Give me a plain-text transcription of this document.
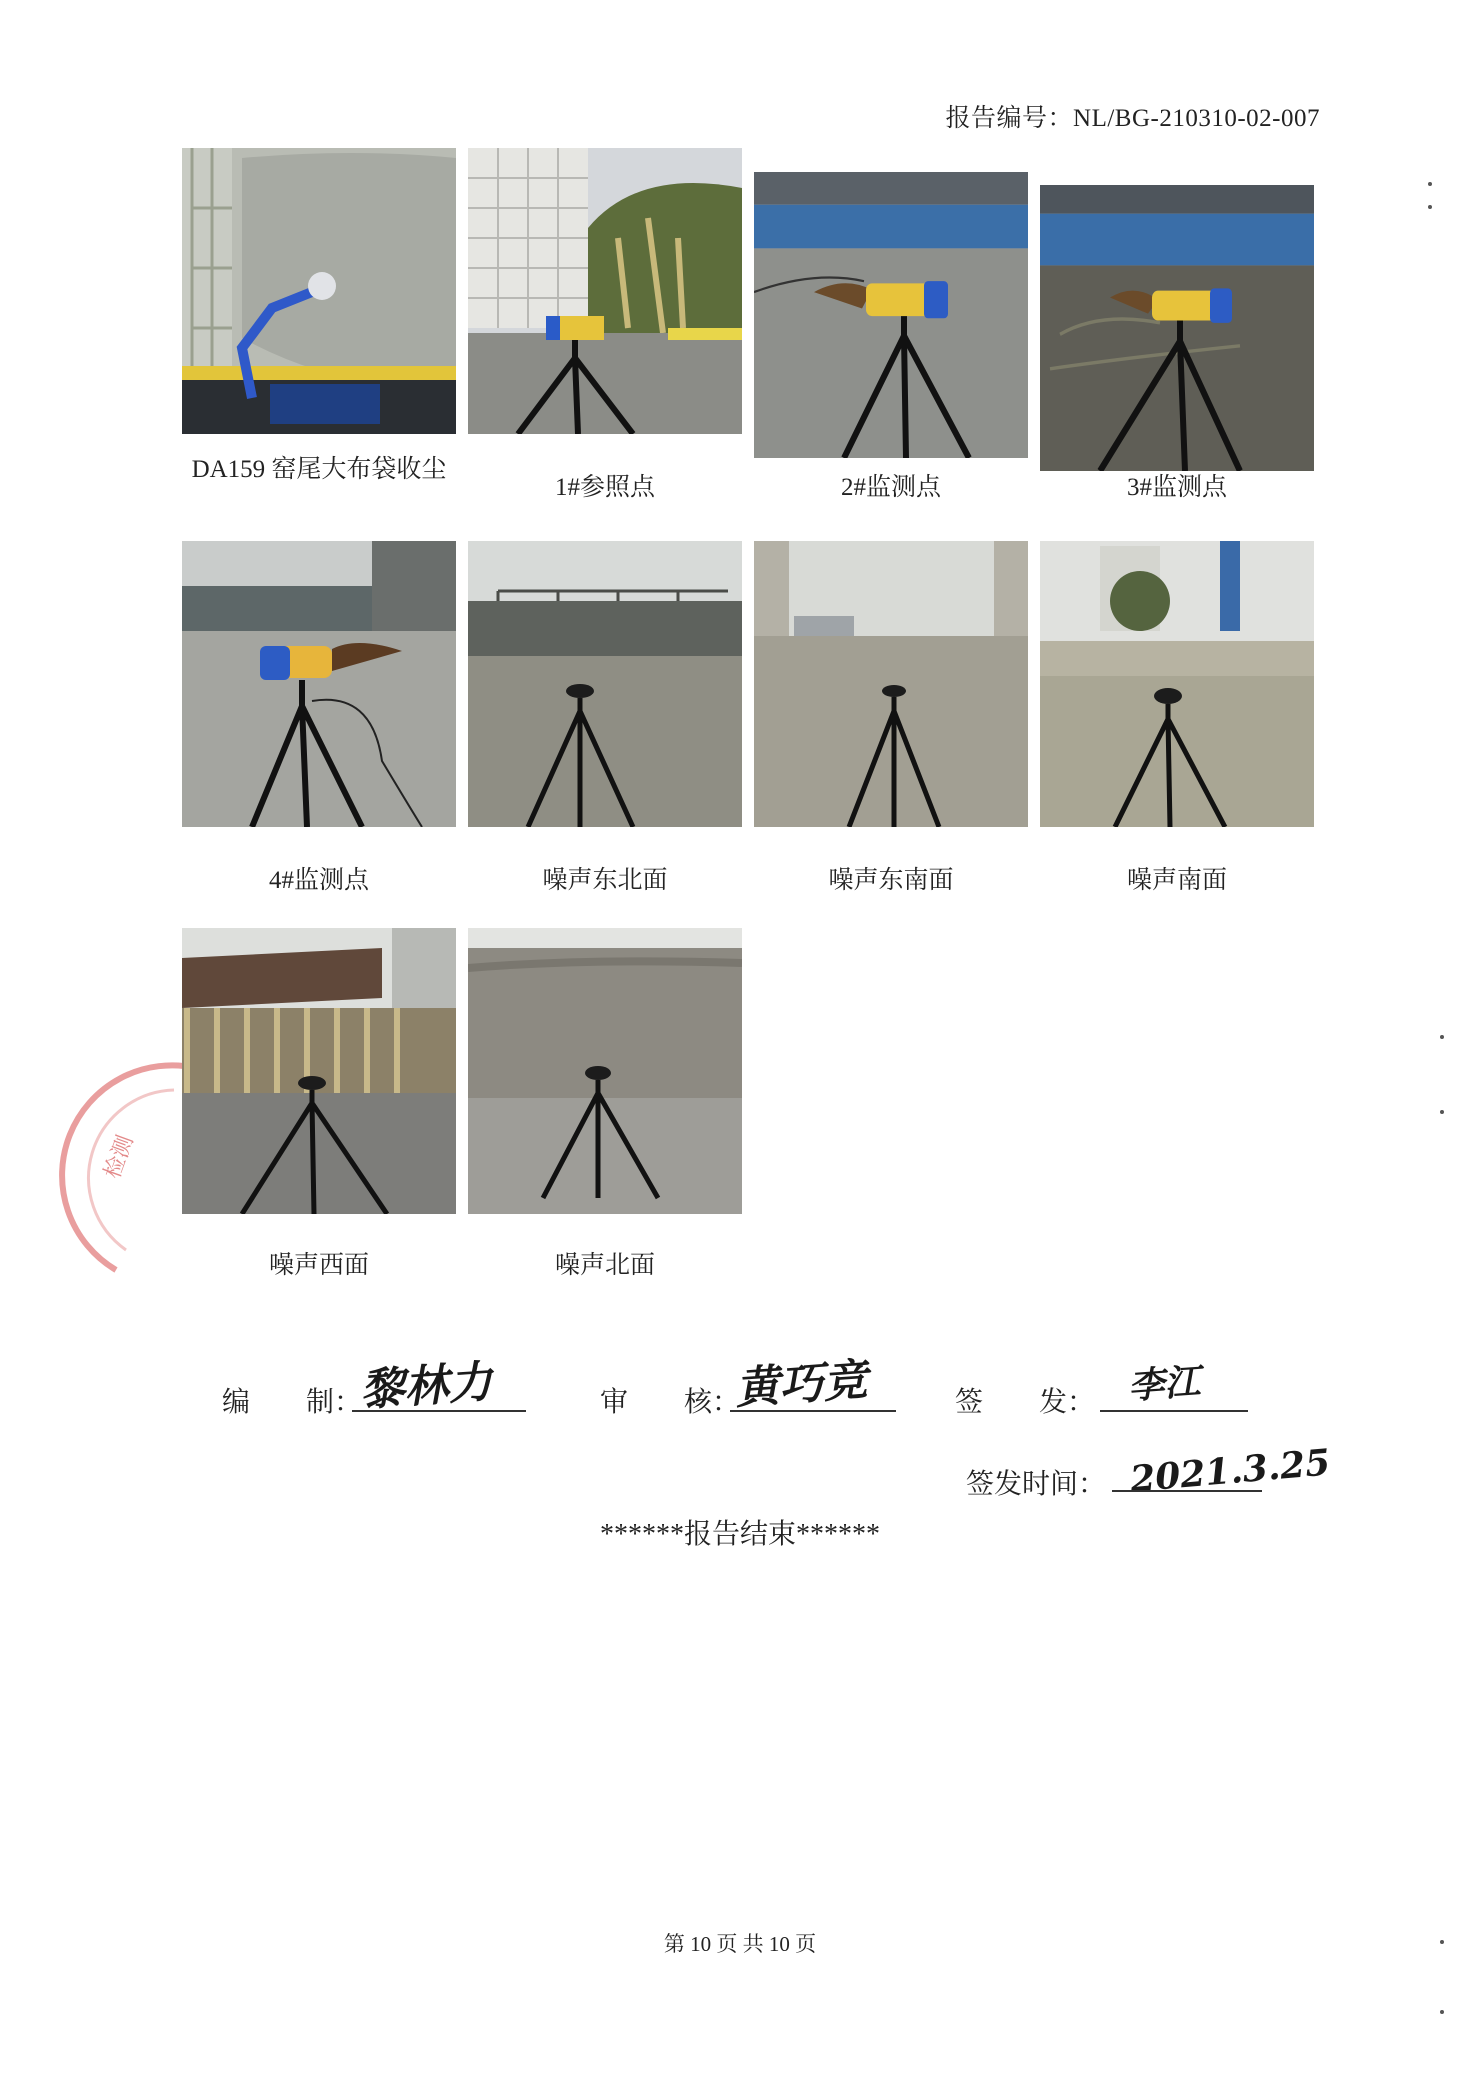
报告编号：NL/BG-210310-02-007
检测
DA159 窑尾大布袋收尘
1#参照点	2#监测点	3#监测点
4#监测点	噪声东北面	噪声东南面	噪声南面
噪声西面	噪声北面
编　　制：
黎林力	审　　核：
黄巧竞	签　　发： 李江
签发时间： 2021.3.25
******报告结束******
第 10 页 共 10 页
